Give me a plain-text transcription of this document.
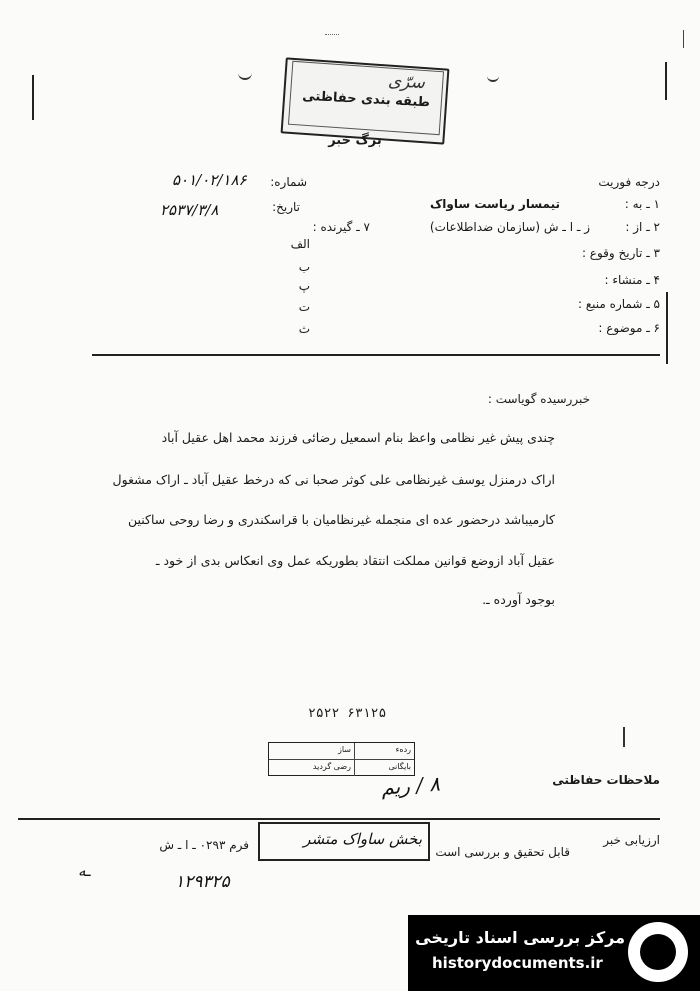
طبقه بندی حفاظتی
سرّی
برگ خبر
درجه فوریت
شماره:
۵۰۱/۰۲/۱۸۶
تاریخ:
۲۵۳۷/۳/۸
۷ ـ گیرنده :
الف
ب
پ
ت
ث
۱ ـ به :
تیمسار ریاست ساواک
۲ ـ از :
ز ـ ا ـ ش (سازمان ضداطلاعات)
۳ ـ تاریخ وقوع :
۴ ـ منشاء :
۵ ـ شماره منبع :
۶ ـ موضوع :
خبررسیده گویاست :
چندی پیش غیر نظامی واعظ بنام اسمعیل رضائی فرزند محمد اهل عقیل آباد
اراک درمنزل یوسف غیرنظامی علی کوثر صحبا نی که درخط عقیل آباد ـ اراک مشغول
کارمیباشد درحضور عده ای منجمله غیرنظامیان با قراسکندری و رضا روحی ساکنین
عقیل آباد ازوضع قوانین مملکت انتقاد بطوریکه عمل وی انعکاس بدی از خود ـ
بوجود آورده ـ.
۲۵۲۲ ۶۳۱۲۵
ردهء
ساز
بایگانی
رضی گردید
۸ / ریم	ملاحظات حفاظتی
ارزیابی خبر
قابل تحقیق و بررسی است
بخش ساواک متشر
فرم ۰۲۹۳ ـ ا ـ ش
۱۲۹۳۲۵
ـه
مرکز بررسی اسناد تاریخی
historydocuments.ir
